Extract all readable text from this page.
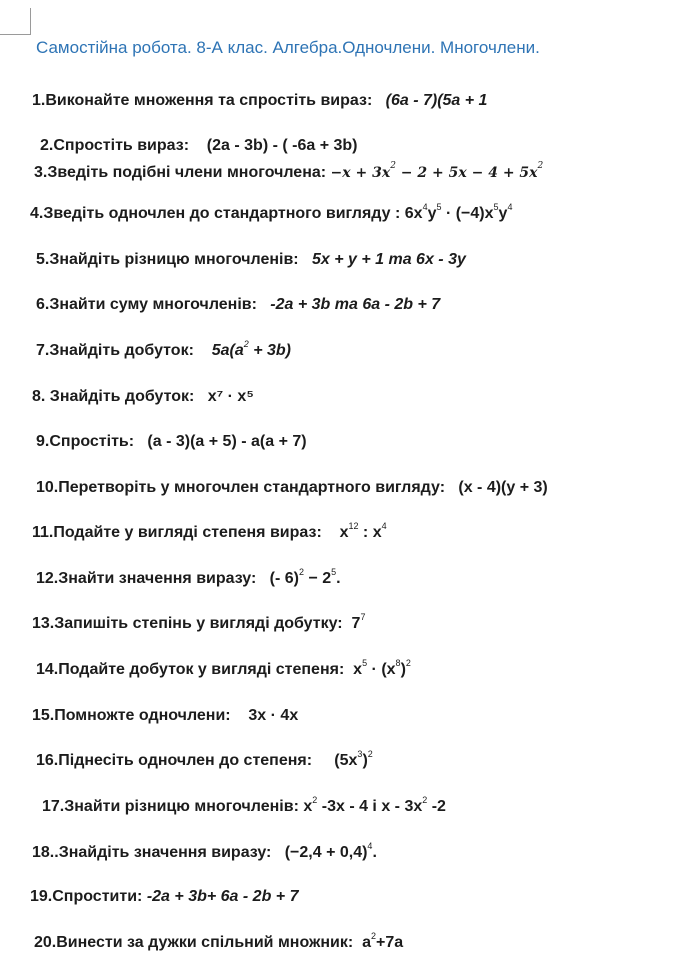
Самостійна робота. 8-А клас. Алгебра.Одночлени. Многочлени.
1.Виконайте множення та спростіть вираз: (6a - 7)(5a + 1
2.Спростіть вираз: (2a - 3b) - ( -6a + 3b)
3.Зведіть подібні члени многочлена: $-x + 3x^2 - 2 + 5x - 4 + 5x^2$
4.Зведіть одночлен до стандартного вигляду : $6x^4y^5 \cdot (-4)x^5y^4$
5.Знайдіть різницю многочленів: 5x + y + 1 та 6x - 3y
6.Знайти суму многочленів: -2a + 3b та 6a - 2b + 7
7.Знайдіть добуток: $5a(a^2 + 3b)$
8. Знайдіть добуток: x⁷ · x⁵
9.Спростіть: (a - 3)(a + 5) - a(a + 7)
10.Перетворіть у многочлен стандартного вигляду: (x - 4)(y + 3)
11.Подайте у вигляді степеня вираз: $x^{12}$ : $x^4$
12.Знайти значення виразу: (- $6)^2 - 2^5$.
13.Запишіть степінь у вигляді добутку: $7^7$
14.Подайте добуток у вигляді степеня: $x^5 \cdot (x^8)^2$
15.Помножте одночлени: 3x · 4x
16.Піднесіть одночлен до степеня: $(5x^3)^2$
17.Знайти різницю многочленів: $x^2$ -3x - 4 і x - $3x^2$ -2
18..Знайдіть значення виразу: $(-2,4 + 0,4)^4$.
19.Спростити: -2a + 3b+ 6a - 2b + 7
20.Винести за дужки спільний множник: $a^2+7a$
